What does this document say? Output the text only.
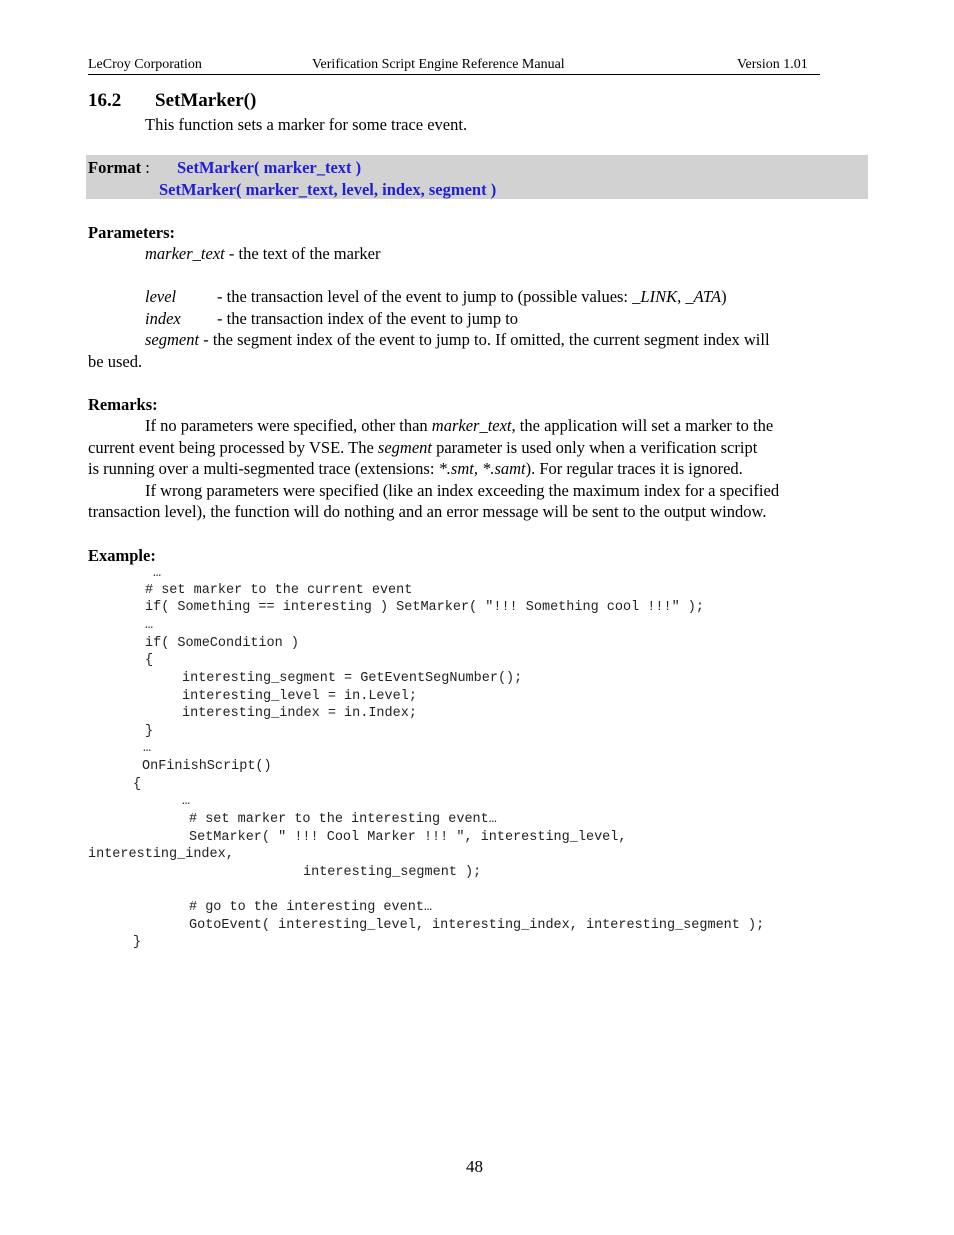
LeCroy Corporation	Verification Script Engine Reference Manual	Version 1.01
16.2 SetMarker()
This function sets a marker for some trace event.
Format : SetMarker( marker_text )
SetMarker( marker_text, level, index, segment )
Parameters:
marker_text - the text of the marker
level - the transaction level of the event to jump to (possible values: _LINK, _ATA)
index - the transaction index of the event to jump to
segment - the segment index of the event to jump to. If omitted, the current segment index will
be used.
Remarks:
If no parameters were specified, other than marker_text, the application will set a marker to the
current event being processed by VSE. The segment parameter is used only when a verification script
is running over a multi-segmented trace (extensions: *.smt, *.samt). For regular traces it is ignored.
If wrong parameters were specified (like an index exceeding the maximum index for a specified
transaction level), the function will do nothing and an error message will be sent to the output window.
Example:
…
# set marker to the current event
if( Something == interesting ) SetMarker( "!!! Something cool !!!" );
…
if( SomeCondition )
{
interesting_segment = GetEventSegNumber();
interesting_level = in.Level;
interesting_index = in.Index;
}
…
OnFinishScript()
{
…
# set marker to the interesting event…
SetMarker( " !!! Cool Marker !!! ", interesting_level,
interesting_index,
interesting_segment );
# go to the interesting event…
GotoEvent( interesting_level, interesting_index, interesting_segment );
}
48
